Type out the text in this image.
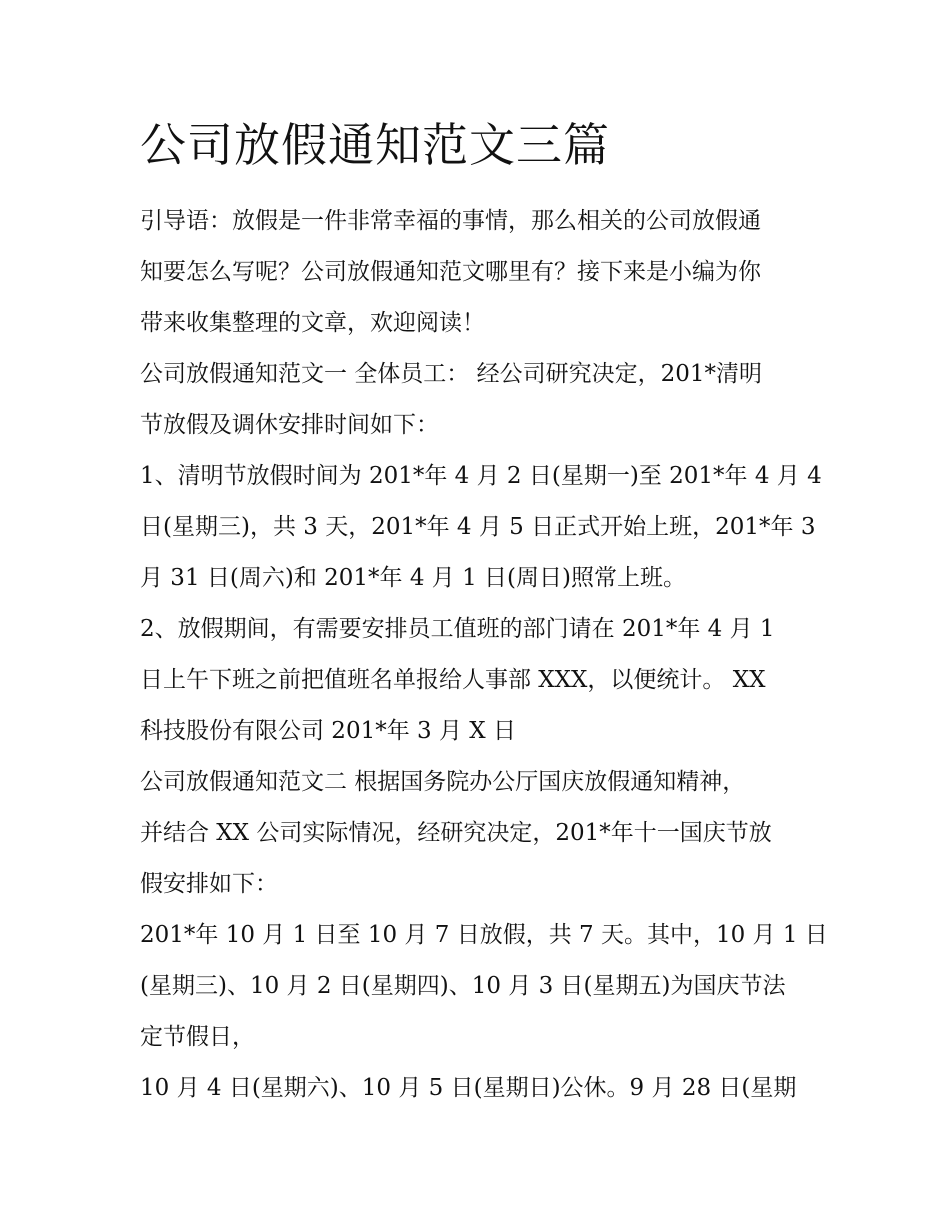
公司放假通知范文三篇
引导语：放假是一件非常幸福的事情，那么相关的公司放假通
知要怎么写呢？公司放假通知范文哪里有？接下来是小编为你
带来收集整理的文章，欢迎阅读！
公司放假通知范文一 全体员工： 经公司研究决定，201*清明
节放假及调休安排时间如下：
1、清明节放假时间为 201*年 4 月 2 日(星期一)至 201*年 4 月 4
日(星期三)，共 3 天，201*年 4 月 5 日正式开始上班，201*年 3
月 31 日(周六)和 201*年 4 月 1 日(周日)照常上班。
2、放假期间，有需要安排员工值班的部门请在 201*年 4 月 1
日上午下班之前把值班名单报给人事部 XXX，以便统计。 XX
科技股份有限公司 201*年 3 月 X 日
公司放假通知范文二 根据国务院办公厅国庆放假通知精神，
并结合 XX 公司实际情况，经研究决定，201*年十一国庆节放
假安排如下：
201*年 10 月 1 日至 10 月 7 日放假，共 7 天。其中，10 月 1 日
(星期三)、10 月 2 日(星期四)、10 月 3 日(星期五)为国庆节法
定节假日，
10 月 4 日(星期六)、10 月 5 日(星期日)公休。9 月 28 日(星期
